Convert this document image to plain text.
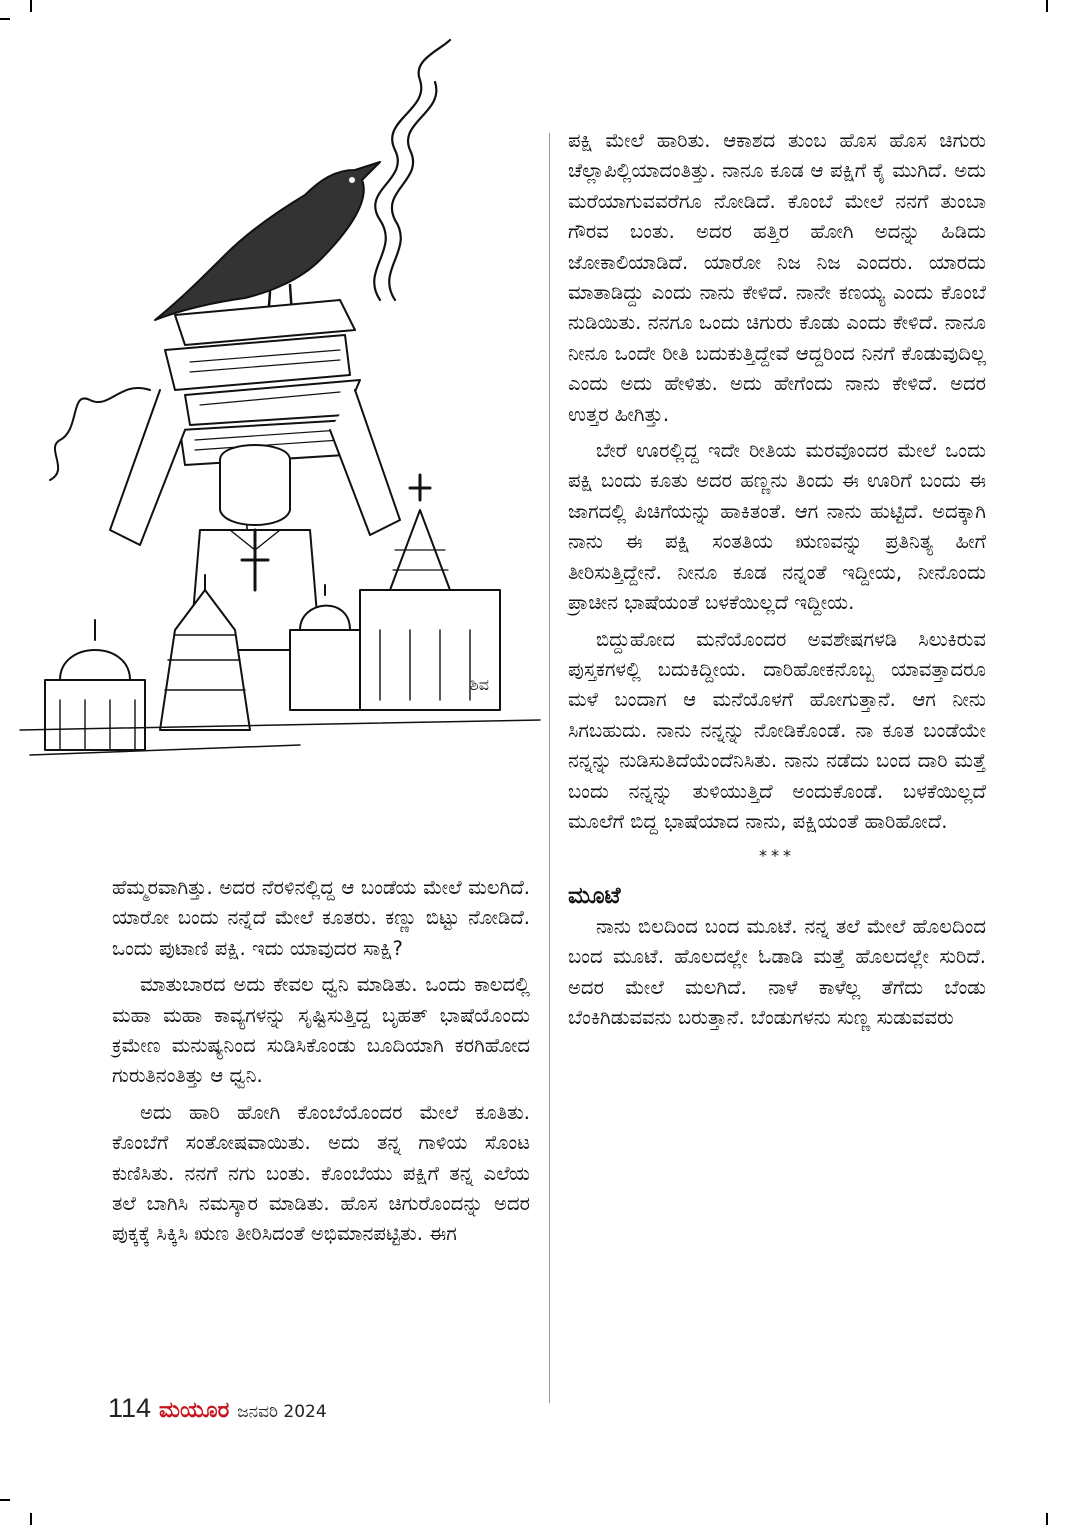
ಶಿವ

ಹೆಮ್ಮರವಾಗಿತ್ತು. ಅದರ ನೆರಳಿನಲ್ಲಿದ್ದ ಆ ಬಂಡೆಯ ಮೇಲೆ ಮಲಗಿದೆ. ಯಾರೋ ಬಂದು ನನ್ನೆದೆ ಮೇಲೆ ಕೂತರು. ಕಣ್ಣು ಬಿಟ್ಟು ನೋಡಿದೆ. ಒಂದು ಪುಟಾಣಿ ಪಕ್ಷಿ. ಇದು ಯಾವುದರ ಸಾಕ್ಷಿ?

ಮಾತುಬಾರದ ಅದು ಕೇವಲ ಧ್ವನಿ ಮಾಡಿತು. ಒಂದು ಕಾಲದಲ್ಲಿ ಮಹಾ ಮಹಾ ಕಾವ್ಯಗಳನ್ನು ಸೃಷ್ಟಿಸುತ್ತಿದ್ದ ಬೃಹತ್ ಭಾಷೆಯೊಂದು ಕ್ರಮೇಣ ಮನುಷ್ಯನಿಂದ ಸುಡಿಸಿಕೊಂಡು ಬೂದಿಯಾಗಿ ಕರಗಿಹೋದ ಗುರುತಿನಂತಿತ್ತು ಆ ಧ್ವನಿ.

ಅದು ಹಾರಿ ಹೋಗಿ ಕೊಂಬೆಯೊಂದರ ಮೇಲೆ ಕೂತಿತು. ಕೊಂಬೆಗೆ ಸಂತೋಷವಾಯಿತು. ಅದು ತನ್ನ ಗಾಳಿಯ ಸೊಂಟ ಕುಣಿಸಿತು. ನನಗೆ ನಗು ಬಂತು. ಕೊಂಬೆಯು ಪಕ್ಷಿಗೆ ತನ್ನ ಎಲೆಯ ತಲೆ ಬಾಗಿಸಿ ನಮಸ್ಕಾರ ಮಾಡಿತು. ಹೊಸ ಚಿಗುರೊಂದನ್ನು ಅದರ ಪುಕ್ಕಕ್ಕೆ ಸಿಕ್ಕಿಸಿ ಋಣ ತೀರಿಸಿದಂತೆ ಅಭಿಮಾನಪಟ್ಟಿತು. ಈಗ

ಪಕ್ಷಿ ಮೇಲೆ ಹಾರಿತು. ಆಕಾಶದ ತುಂಬ ಹೊಸ ಹೊಸ ಚಿಗುರು ಚೆಲ್ಲಾಪಿಲ್ಲಿಯಾದಂತಿತ್ತು. ನಾನೂ ಕೂಡ ಆ ಪಕ್ಷಿಗೆ ಕೈ ಮುಗಿದೆ. ಅದು ಮರೆಯಾಗುವವರೆಗೂ ನೋಡಿದೆ. ಕೊಂಬೆ ಮೇಲೆ ನನಗೆ ತುಂಬಾ ಗೌರವ ಬಂತು. ಅದರ ಹತ್ತಿರ ಹೋಗಿ ಅದನ್ನು ಹಿಡಿದು ಜೋಕಾಲಿಯಾಡಿದೆ. ಯಾರೋ ನಿಜ ನಿಜ ಎಂದರು. ಯಾರದು ಮಾತಾಡಿದ್ದು ಎಂದು ನಾನು ಕೇಳಿದೆ. ನಾನೇ ಕಣಯ್ಯ ಎಂದು ಕೊಂಬೆ ನುಡಿಯಿತು. ನನಗೂ ಒಂದು ಚಿಗುರು ಕೊಡು ಎಂದು ಕೇಳಿದೆ. ನಾನೂ ನೀನೂ ಒಂದೇ ರೀತಿ ಬದುಕುತ್ತಿದ್ದೇವೆ ಆದ್ದರಿಂದ ನಿನಗೆ ಕೊಡುವುದಿಲ್ಲ ಎಂದು ಅದು ಹೇಳಿತು. ಅದು ಹೇಗೆಂದು ನಾನು ಕೇಳಿದೆ. ಅದರ ಉತ್ತರ ಹೀಗಿತ್ತು.

ಬೇರೆ ಊರಲ್ಲಿದ್ದ ಇದೇ ರೀತಿಯ ಮರವೊಂದರ ಮೇಲೆ ಒಂದು ಪಕ್ಷಿ ಬಂದು ಕೂತು ಅದರ ಹಣ್ಣನು ತಿಂದು ಈ ಊರಿಗೆ ಬಂದು ಈ ಜಾಗದಲ್ಲಿ ಪಿಚಿಗೆಯನ್ನು ಹಾಕಿತಂತೆ. ಆಗ ನಾನು ಹುಟ್ಟಿದೆ. ಅದಕ್ಕಾಗಿ ನಾನು ಈ ಪಕ್ಷಿ ಸಂತತಿಯ ಋಣವನ್ನು ಪ್ರತಿನಿತ್ಯ ಹೀಗೆ ತೀರಿಸುತ್ತಿದ್ದೇನೆ. ನೀನೂ ಕೂಡ ನನ್ನಂತೆ ಇದ್ದೀಯ, ನೀನೊಂದು ಪ್ರಾಚೀನ ಭಾಷೆಯಂತೆ ಬಳಕೆಯಿಲ್ಲದೆ ಇದ್ದೀಯ.

ಬಿದ್ದುಹೋದ ಮನೆಯೊಂದರ ಅವಶೇಷಗಳಡಿ ಸಿಲುಕಿರುವ ಪುಸ್ತಕಗಳಲ್ಲಿ ಬದುಕಿದ್ದೀಯ. ದಾರಿಹೋಕನೊಬ್ಬ ಯಾವತ್ತಾದರೂ ಮಳೆ ಬಂದಾಗ ಆ ಮನೆಯೊಳಗೆ ಹೋಗುತ್ತಾನೆ. ಆಗ ನೀನು ಸಿಗಬಹುದು. ನಾನು ನನ್ನನ್ನು ನೋಡಿಕೊಂಡೆ. ನಾ ಕೂತ ಬಂಡೆಯೇ ನನ್ನನ್ನು ನುಡಿಸುತಿದೆಯೆಂದೆನಿಸಿತು. ನಾನು ನಡೆದು ಬಂದ ದಾರಿ ಮತ್ತೆ ಬಂದು ನನ್ನನ್ನು ತುಳಿಯುತ್ತಿದೆ ಅಂದುಕೊಂಡೆ. ಬಳಕೆಯಿಲ್ಲದೆ ಮೂಲೆಗೆ ಬಿದ್ದ ಭಾಷೆಯಾದ ನಾನು, ಪಕ್ಷಿಯಂತೆ ಹಾರಿಹೋದೆ.

***
ಮೂಟೆ

ನಾನು ಬಿಲದಿಂದ ಬಂದ ಮೂಟೆ. ನನ್ನ ತಲೆ ಮೇಲೆ ಹೊಲದಿಂದ ಬಂದ ಮೂಟೆ. ಹೊಲದಲ್ಲೇ ಓಡಾಡಿ ಮತ್ತೆ ಹೊಲದಲ್ಲೇ ಸುರಿದೆ. ಅದರ ಮೇಲೆ ಮಲಗಿದೆ. ನಾಳೆ ಕಾಳೆಲ್ಲ ತೆಗೆದು ಬೆಂಡು ಬೆಂಕಿಗಿಡುವವನು ಬರುತ್ತಾನೆ. ಬೆಂಡುಗಳನು ಸುಣ್ಣ ಸುಡುವವರು

114 ಮಯೂರ ಜನವರಿ 2024
